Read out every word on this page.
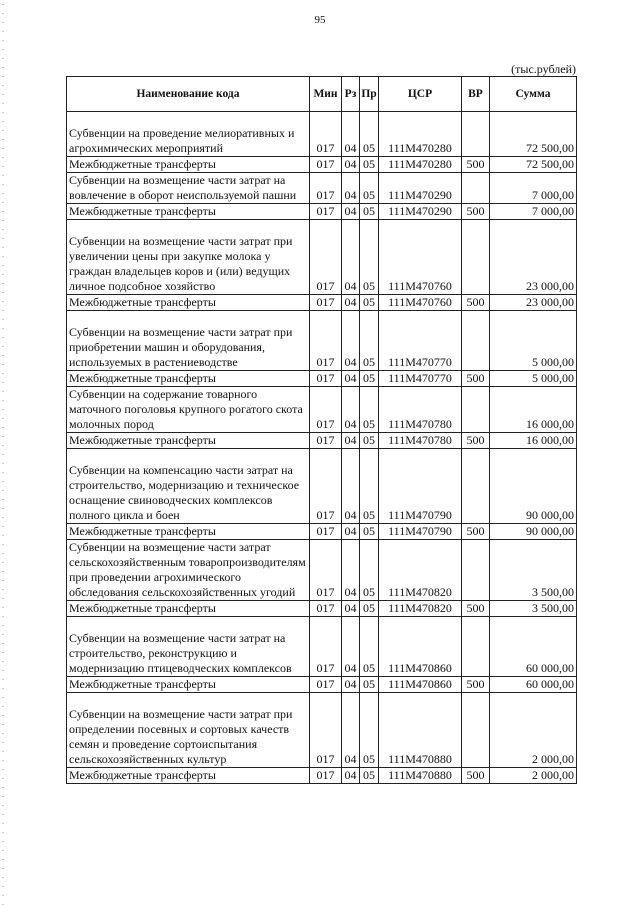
95
(тыс.рублей)
Наименование кода	Мин	Рз	Пр	ЦСР	ВР	Сумма
Субвенции на проведение мелиоративных и агрохимических мероприятий	017	04	05	111М470280		72 500,00
Межбюджетные трансферты	017	04	05	111М470280	500	72 500,00
Субвенции на возмещение части затрат на вовлечение в оборот неиспользуемой пашни	017	04	05	111М470290		7 000,00
Межбюджетные трансферты	017	04	05	111М470290	500	7 000,00
Субвенции на возмещение части затрат при увеличении цены при закупке молока у граждан владельцев коров и (или) ведущих личное подсобное хозяйство	017	04	05	111М470760		23 000,00
Межбюджетные трансферты	017	04	05	111М470760	500	23 000,00
Субвенции на возмещение части затрат при приобретении машин и оборудования, используемых в растениеводстве	017	04	05	111М470770		5 000,00
Межбюджетные трансферты	017	04	05	111М470770	500	5 000,00
Субвенции на содержание товарного маточного поголовья крупного рогатого скота молочных пород	017	04	05	111М470780		16 000,00
Межбюджетные трансферты	017	04	05	111М470780	500	16 000,00
Субвенции на компенсацию части затрат на строительство, модернизацию и техническое оснащение свиноводческих комплексов полного цикла и боен	017	04	05	111М470790		90 000,00
Межбюджетные трансферты	017	04	05	111М470790	500	90 000,00
Субвенции на возмещение части затрат сельскохозяйственным товаропроизводителям при проведении агрохимического обследования сельскохозяйственных угодий	017	04	05	111М470820		3 500,00
Межбюджетные трансферты	017	04	05	111М470820	500	3 500,00
Субвенции на возмещение части затрат на строительство, реконструкцию и модернизацию птицеводческих комплексов	017	04	05	111М470860		60 000,00
Межбюджетные трансферты	017	04	05	111М470860	500	60 000,00
Субвенции на возмещение части затрат при определении посевных и сортовых качеств семян и проведение сортоиспытания сельскохозяйственных культур	017	04	05	111М470880		2 000,00
Межбюджетные трансферты	017	04	05	111М470880	500	2 000,00
